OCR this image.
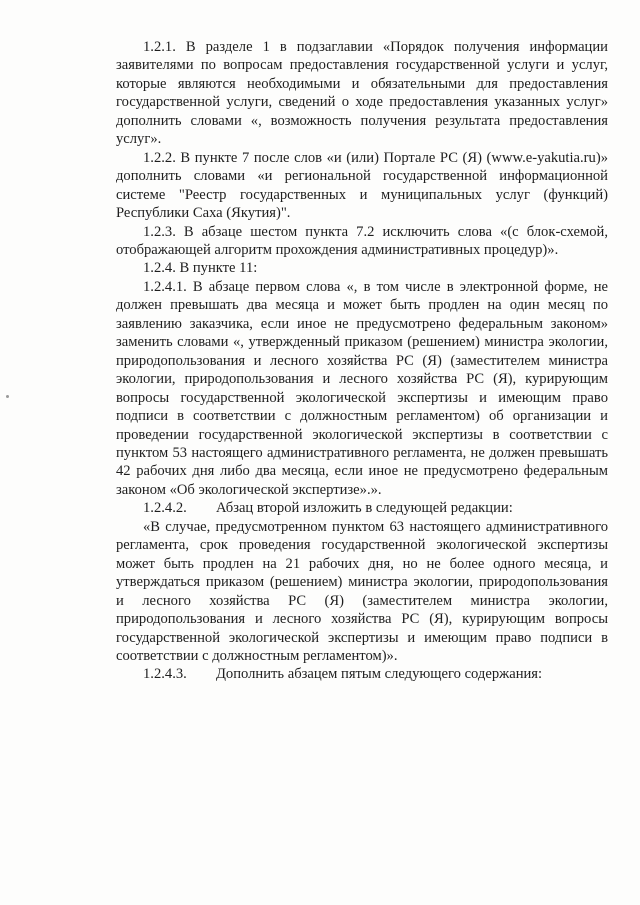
1.2.1. В разделе 1 в подзаглавии «Порядок получения информации заявителями по вопросам предоставления государственной услуги и услуг, которые являются необходимыми и обязательными для предоставления государственной услуги, сведений о ходе предоставления указанных услуг» дополнить словами «, возможность получения результата предоставления услуг».

1.2.2. В пункте 7 после слов «и (или) Портале РС (Я) (www.e-yakutia.ru)» дополнить словами «и региональной государственной информационной системе "Реестр государственных и муниципальных услуг (функций) Республики Саха (Якутия)".

1.2.3. В абзаце шестом пункта 7.2 исключить слова «(с блок-схемой, отображающей алгоритм прохождения административных процедур)».

1.2.4. В пункте 11:

1.2.4.1. В абзаце первом слова «, в том числе в электронной форме, не должен превышать два месяца и может быть продлен на один месяц по заявлению заказчика, если иное не предусмотрено федеральным законом» заменить словами «, утвержденный приказом (решением) министра экологии, природопользования и лесного хозяйства РС (Я) (заместителем министра экологии, природопользования и лесного хозяйства РС (Я), курирующим вопросы государственной экологической экспертизы и имеющим право подписи в соответствии с должностным регламентом) об организации и проведении государственной экологической экспертизы в соответствии с пунктом 53 настоящего административного регламента, не должен превышать 42 рабочих дня либо два месяца, если иное не предусмотрено федеральным законом «Об экологической экспертизе».».

1.2.4.2.  Абзац второй изложить в следующей редакции:

«В случае, предусмотренном пунктом 63 настоящего административного регламента, срок проведения государственной экологической экспертизы может быть продлен на 21 рабочих дня, но не более одного месяца, и утверждаться приказом (решением) министра экологии, природопользования и лесного хозяйства РС (Я) (заместителем министра экологии, природопользования и лесного хозяйства РС (Я), курирующим вопросы государственной экологической экспертизы и имеющим право подписи в соответствии с должностным регламентом)».

1.2.4.3.  Дополнить абзацем пятым следующего содержания:
